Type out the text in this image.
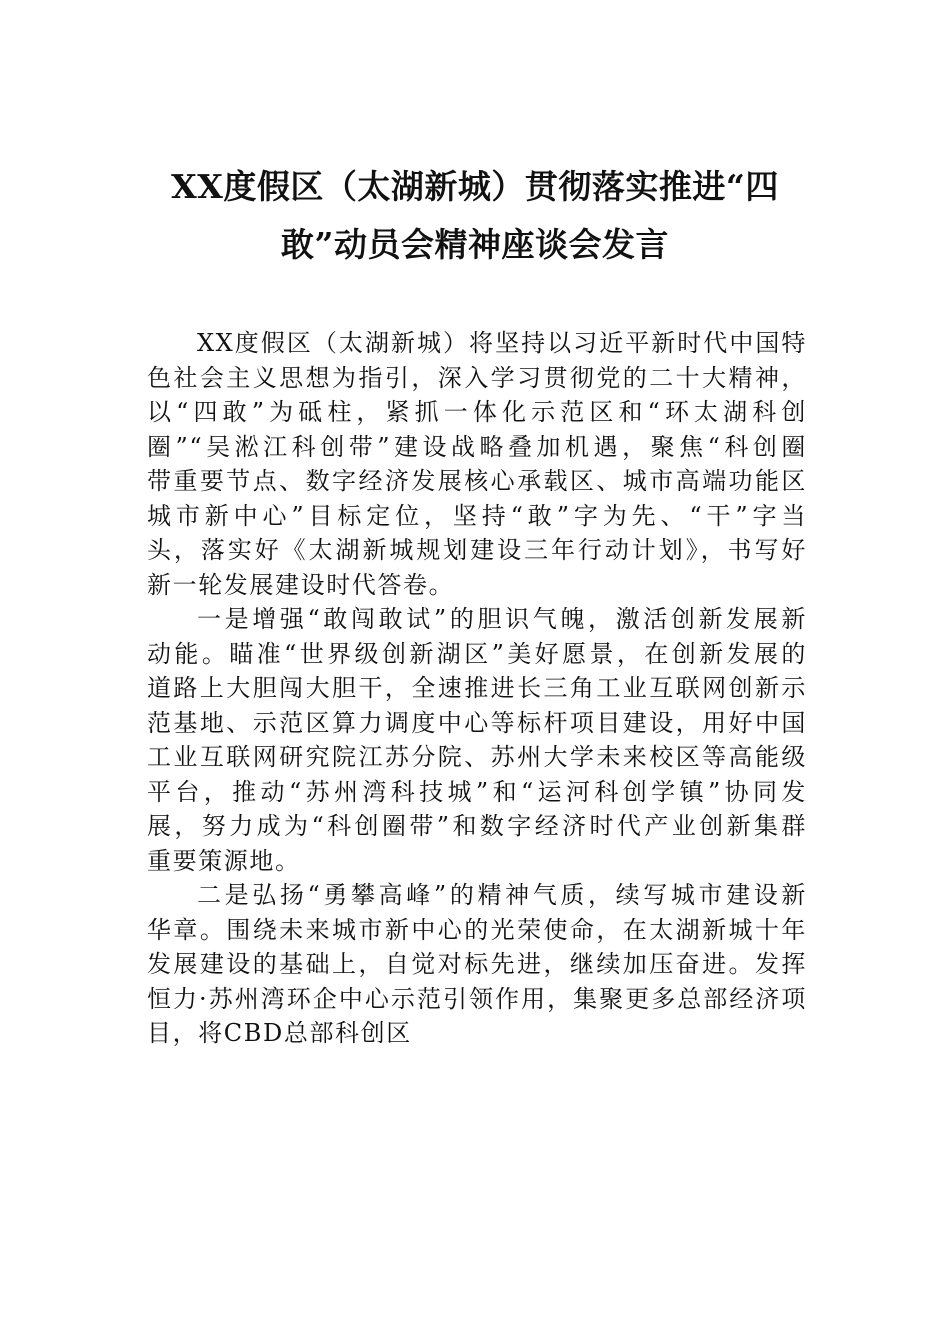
XX度假区（太湖新城）贯彻落实推进“四
敢”动员会精神座谈会发言

XX度假区（太湖新城）将坚持以习近平新时代中国特
色社会主义思想为指引，深入学习贯彻党的二十大精神，
以“四敢”为砥柱，紧抓一体化示范区和“环太湖科创
圈”“吴淞江科创带”建设战略叠加机遇，聚焦“科创圈
带重要节点、数字经济发展核心承载区、城市高端功能区
城市新中心”目标定位，坚持“敢”字为先、“干”字当
头，落实好《太湖新城规划建设三年行动计划》，书写好
新一轮发展建设时代答卷。

一是增强“敢闯敢试”的胆识气魄，激活创新发展新
动能。瞄准“世界级创新湖区”美好愿景，在创新发展的
道路上大胆闯大胆干，全速推进长三角工业互联网创新示
范基地、示范区算力调度中心等标杆项目建设，用好中国
工业互联网研究院江苏分院、苏州大学未来校区等高能级
平台，推动“苏州湾科技城”和“运河科创学镇”协同发
展，努力成为“科创圈带”和数字经济时代产业创新集群
重要策源地。

二是弘扬“勇攀高峰”的精神气质，续写城市建设新
华章。围绕未来城市新中心的光荣使命，在太湖新城十年
发展建设的基础上，自觉对标先进，继续加压奋进。发挥
恒力·苏州湾环企中心示范引领作用，集聚更多总部经济项
目，将CBD总部科创区
